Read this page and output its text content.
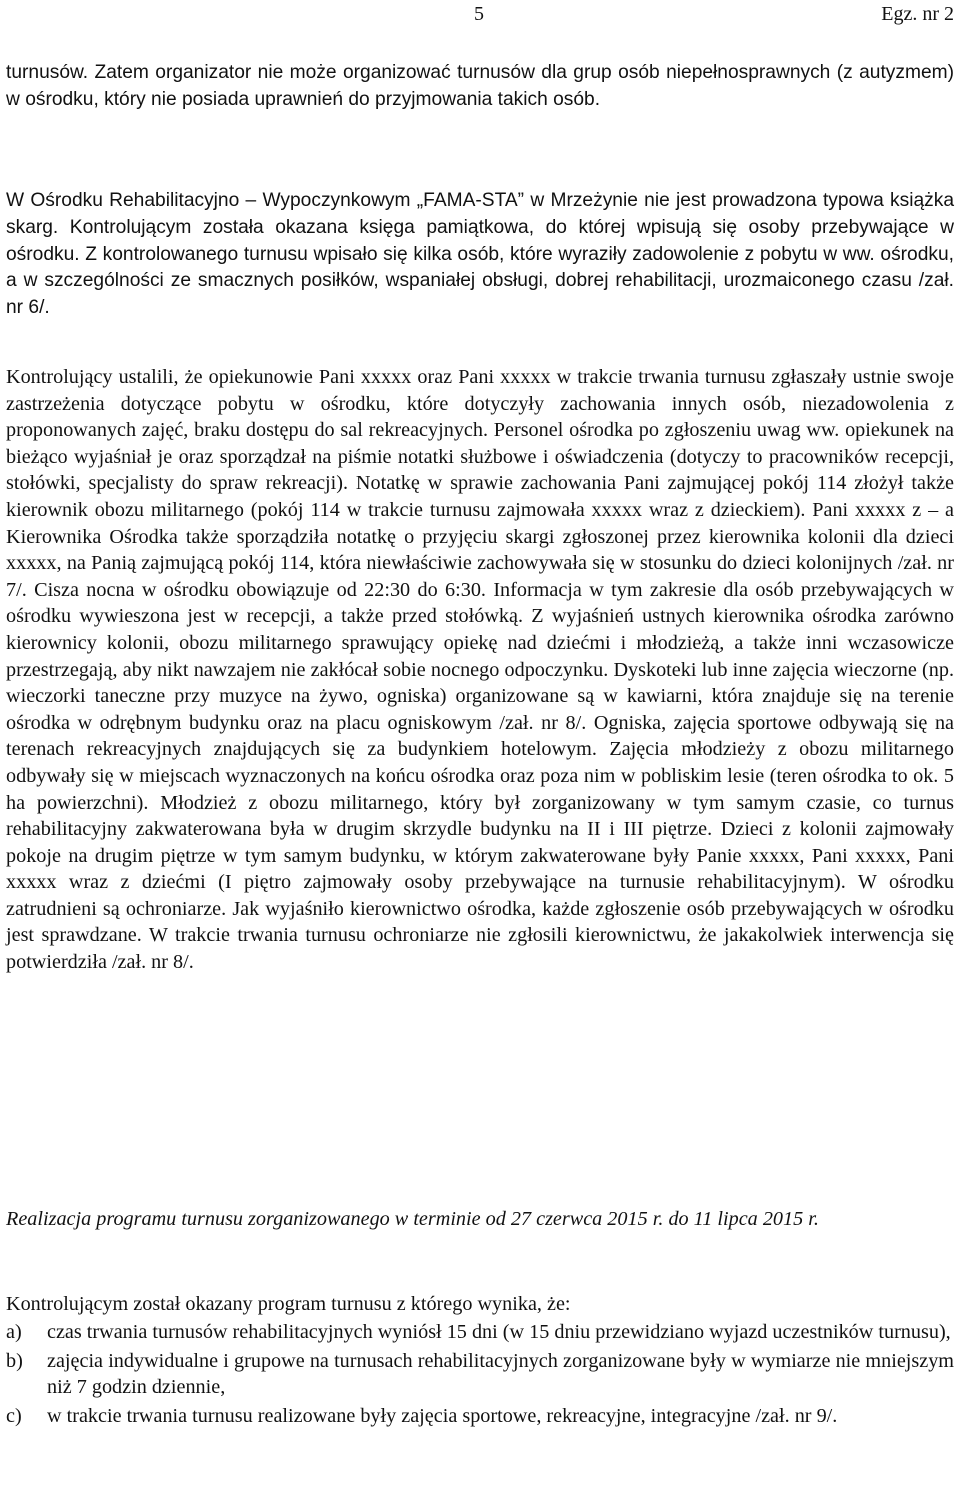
5	Egz. nr 2

turnusów. Zatem organizator nie może organizować turnusów dla grup osób niepełnosprawnych (z autyzmem) w ośrodku, który nie posiada uprawnień do przyjmowania takich osób.

W Ośrodku Rehabilitacyjno – Wypoczynkowym „FAMA-STA” w Mrzeżynie nie jest prowadzona typowa książka skarg. Kontrolującym została okazana księga pamiątkowa, do której wpisują się osoby przebywające w ośrodku. Z kontrolowanego turnusu wpisało się kilka osób, które wyraziły zadowolenie z pobytu w ww. ośrodku, a w szczególności ze smacznych posiłków, wspaniałej obsługi, dobrej rehabilitacji, urozmaiconego czasu /zał. nr 6/.

Kontrolujący ustalili, że opiekunowie Pani xxxxx oraz Pani xxxxx w trakcie trwania turnusu zgłaszały ustnie swoje zastrzeżenia dotyczące pobytu w ośrodku, które dotyczyły zachowania innych osób, niezadowolenia z proponowanych zajęć, braku dostępu do sal rekreacyjnych. Personel ośrodka po zgłoszeniu uwag ww. opiekunek na bieżąco wyjaśniał je oraz sporządzał na piśmie notatki służbowe i oświadczenia (dotyczy to pracowników recepcji, stołówki, specjalisty do spraw rekreacji). Notatkę w sprawie zachowania Pani zajmującej pokój 114 złożył także kierownik obozu militarnego (pokój 114 w trakcie turnusu zajmowała xxxxx wraz z dzieckiem). Pani xxxxx z – a Kierownika Ośrodka także sporządziła notatkę o przyjęciu skargi zgłoszonej przez kierownika kolonii dla dzieci xxxxx, na Panią zajmującą pokój 114, która niewłaściwie zachowywała się w stosunku do dzieci kolonijnych /zał. nr 7/. Cisza nocna w ośrodku obowiązuje od 22:30 do 6:30. Informacja w tym zakresie dla osób przebywających w ośrodku wywieszona jest w recepcji, a także przed stołówką. Z wyjaśnień ustnych kierownika ośrodka zarówno kierownicy kolonii, obozu militarnego sprawujący opiekę nad dziećmi i młodzieżą, a także inni wczasowicze przestrzegają, aby nikt nawzajem nie zakłócał sobie nocnego odpoczynku. Dyskoteki lub inne zajęcia wieczorne (np. wieczorki taneczne przy muzyce na żywo, ogniska) organizowane są w kawiarni, która znajduje się na terenie ośrodka w odrębnym budynku oraz na placu ogniskowym /zał. nr 8/. Ogniska, zajęcia sportowe odbywają się na terenach rekreacyjnych znajdujących się za budynkiem hotelowym. Zajęcia młodzieży z obozu militarnego odbywały się w miejscach wyznaczonych na końcu ośrodka oraz poza nim w pobliskim lesie (teren ośrodka to ok. 5 ha powierzchni). Młodzież z obozu militarnego, który był zorganizowany w tym samym czasie, co turnus rehabilitacyjny zakwaterowana była w drugim skrzydle budynku na II i III piętrze. Dzieci z kolonii zajmowały pokoje na drugim piętrze w tym samym budynku, w którym zakwaterowane były Panie xxxxx, Pani xxxxx, Pani xxxxx wraz z dziećmi (I piętro zajmowały osoby przebywające na turnusie rehabilitacyjnym). W ośrodku zatrudnieni są ochroniarze. Jak wyjaśniło kierownictwo ośrodka, każde zgłoszenie osób przebywających w ośrodku jest sprawdzane. W trakcie trwania turnusu ochroniarze nie zgłosili kierownictwu, że jakakolwiek interwencja się potwierdziła /zał. nr 8/.

Realizacja programu turnusu zorganizowanego w terminie od 27 czerwca 2015 r. do 11 lipca 2015 r.

Kontrolującym został okazany program turnusu z którego wynika, że:

a) czas trwania turnusów rehabilitacyjnych wyniósł 15 dni (w 15 dniu przewidziano wyjazd uczestników turnusu),
b) zajęcia indywidualne i grupowe na turnusach rehabilitacyjnych zorganizowane były w wymiarze nie mniejszym niż 7 godzin dziennie,
c) w trakcie trwania turnusu realizowane były zajęcia sportowe, rekreacyjne, integracyjne /zał. nr 9/.
